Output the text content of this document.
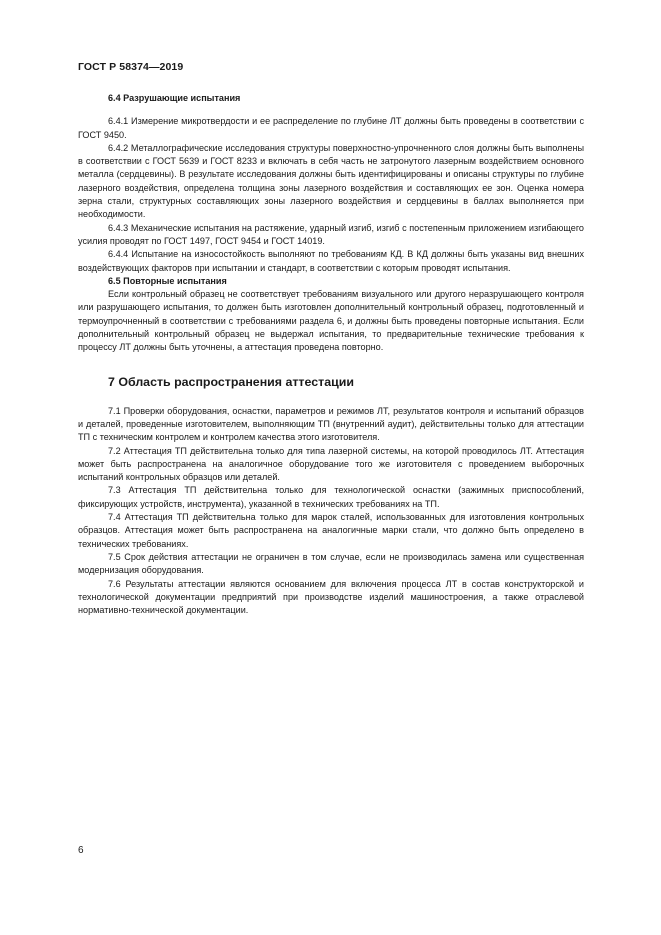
ГОСТ Р 58374—2019

6.4 Разрушающие испытания

6.4.1 Измерение микротвердости и ее распределение по глубине ЛТ должны быть проведены в соответствии с ГОСТ 9450.

6.4.2 Металлографические исследования структуры поверхностно-упрочненного слоя должны быть выполнены в соответствии с ГОСТ 5639 и ГОСТ 8233 и включать в себя часть не затронутого лазерным воздействием основного металла (сердцевины). В результате исследования должны быть идентифицированы и описаны структуры по глубине лазерного воздействия, определена толщина зоны лазерного воздействия и составляющих ее зон. Оценка номера зерна стали, структурных составляющих зоны лазерного воздействия и сердцевины в баллах выполняется при необходимости.

6.4.3 Механические испытания на растяжение, ударный изгиб, изгиб с постепенным приложением изгибающего усилия проводят по ГОСТ 1497, ГОСТ 9454 и ГОСТ 14019.

6.4.4 Испытание на износостойкость выполняют по требованиям КД. В КД должны быть указаны вид внешних воздействующих факторов при испытании и стандарт, в соответствии с которым проводят испытания.

6.5 Повторные испытания

Если контрольный образец не соответствует требованиям визуального или другого неразрушающего контроля или разрушающего испытания, то должен быть изготовлен дополнительный контрольный образец, подготовленный и термоупрочненный в соответствии с требованиями раздела 6, и должны быть проведены повторные испытания. Если дополнительный контрольный образец не выдержал испытания, то предварительные технические требования к процессу ЛТ должны быть уточнены, а аттестация проведена повторно.

7 Область распространения аттестации

7.1 Проверки оборудования, оснастки, параметров и режимов ЛТ, результатов контроля и испытаний образцов и деталей, проведенные изготовителем, выполняющим ТП (внутренний аудит), действительны только для аттестации ТП с техническим контролем и контролем качества этого изготовителя.

7.2 Аттестация ТП действительна только для типа лазерной системы, на которой проводилось ЛТ. Аттестация может быть распространена на аналогичное оборудование того же изготовителя с проведением выборочных испытаний контрольных образцов или деталей.

7.3 Аттестация ТП действительна только для технологической оснастки (зажимных приспособлений, фиксирующих устройств, инструмента), указанной в технических требованиях на ТП.

7.4 Аттестация ТП действительна только для марок сталей, использованных для изготовления контрольных образцов. Аттестация может быть распространена на аналогичные марки стали, что должно быть определено в технических требованиях.

7.5 Срок действия аттестации не ограничен в том случае, если не производилась замена или существенная модернизация оборудования.

7.6 Результаты аттестации являются основанием для включения процесса ЛТ в состав конструкторской и технологической документации предприятий при производстве изделий машиностроения, а также отраслевой нормативно-технической документации.

6
